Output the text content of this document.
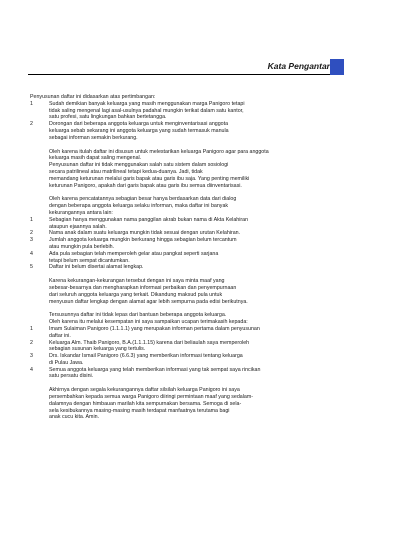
Kata Pengantar
Penyusunan daftar ini didasarkan atas pertimbangan:
1	Sudah demikian banyak keluarga yang masih menggunakan marga Panigoro tetapi
tidak saling mengenal lagi asal-usulnya padahal mungkin terikat dalam satu kantor,
satu profesi, satu lingkungan bahkan bertetangga.
2	Dorongan dari beberapa anggota keluarga untuk menginventarisasi anggota
keluarga sebab sekarang ini anggota keluarga yang sudah termasuk manula
sebagai informan semakin berkurang.
Oleh karena itulah daftar ini disusun untuk melestarikan keluarga Panigoro agar para anggota
keluarga masih dapat saling mengenal.
Penyusunan daftar ini tidak menggunakan salah satu sistem dalam sosiologi
secara patrilineal atau matrilineal tetapi kedua-duanya. Jadi, tidak
memandang keturunan melalui garis bapak atau garis ibu saja. Yang penting memiliki
keturunan Panigoro, apakah dari garis bapak atau garis ibu semua diinventarisasi.
Oleh karena pencatatannya sebagian besar hanya berdasarkan data dari dialog
dengan beberapa anggota keluarga selaku informan, maka daftar ini banyak
kekurangannya antara lain:
1	Sebagian hanya menggunakan nama panggilan akrab bukan nama di Akta Kelahiran
ataupun ejaannya salah.
2	Nama anak dalam suatu keluarga mungkin tidak sesuai dengan urutan Kelahiran.
3	Jumlah anggota keluarga mungkin berkurang hingga sebagian belum tercantum
atau mungkin pula berlebih.
4	Ada pula sebagian telah memperoleh gelar atau pangkat seperti sarjana
tetapi belum sempat dicantumkan.
5	Daftar ini belum disertai alamat lengkap.
Karena kekurangan-kekurangan tersebut dengan ini saya minta maaf yang
sebesar-besarnya dan mengharapkan informasi perbaikan dan penyempurnaan
dari seluruh anggota keluarga yang terkait. Dikandung maksud pula untuk
menyusun daftar lengkap dengan alamat agar lebih sempurna pada edisi berikutnya.
Tersusunnya daftar ini tidak lepas dari bantuan beberapa anggota keluarga.
Oleh karena itu melalui kesempatan ini saya sampaikan ucapan terimakasih kepada:
1	Imam Sulaiman Panigoro (1.1.1.1) yang merupakan informan pertama dalam penyusunan
daftar ini.
2	Keluarga Alm. Thaib Panigoro, B.A.(1.1.1.15) karena dari beliaulah saya memperoleh
sebagian susunan keluarga yang tertulis.
3	Drs. Iskandar Ismail Panigoro (6.6.3) yang memberikan informasi tentang keluarga
di Pulau Jawa.
4	Semua anggota keluarga yang telah memberikan informasi yang tak sempat saya rincikan
satu persatu disini.
Akhirnya dengan segala kekurangannya daftar silsilah keluarga Panigoro ini saya
persembahkan kepada semua warga Panigoro diiringi permintaan maaf yang sedalam-
dalamnya dengan himbauan marilah kita sempurnakan bersama. Semoga di sela-
sela kesibukannya masing-masing masih terdapat manfaatnya terutama bagi
anak cucu kita. Amin.
